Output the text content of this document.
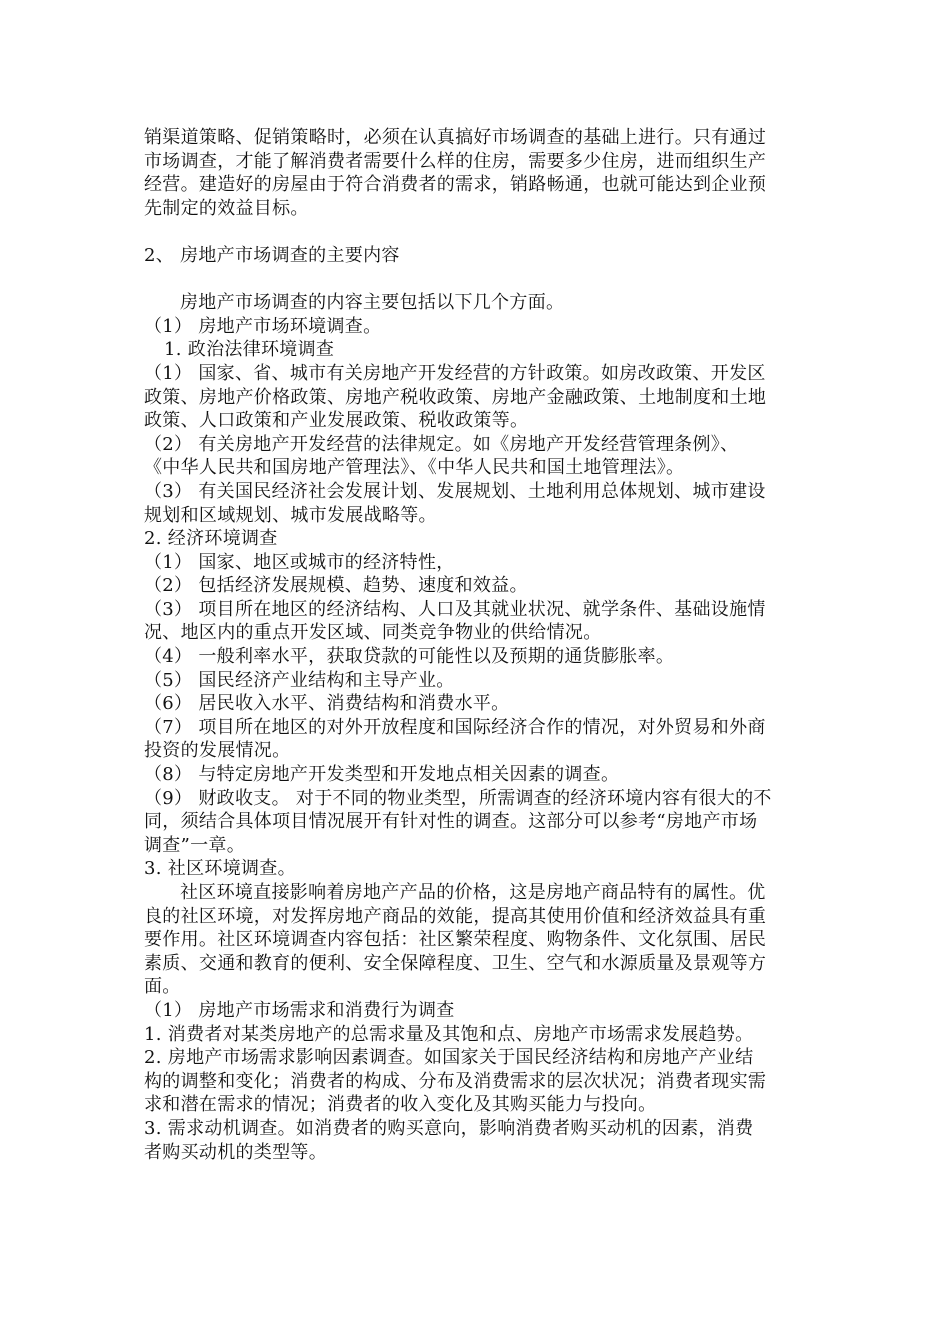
销渠道策略、促销策略时，必须在认真搞好市场调查的基础上进行。只有通过
市场调查，才能了解消费者需要什么样的住房，需要多少住房，进而组织生产
经营。建造好的房屋由于符合消费者的需求，销路畅通，也就可能达到企业预
先制定的效益目标。
2、 房地产市场调查的主要内容
房地产市场调查的内容主要包括以下几个方面。
（1） 房地产市场环境调查。
1. 政治法律环境调查
（1） 国家、省、城市有关房地产开发经营的方针政策。如房改政策、开发区
政策、房地产价格政策、房地产税收政策、房地产金融政策、土地制度和土地
政策、人口政策和产业发展政策、税收政策等。
（2） 有关房地产开发经营的法律规定。如《房地产开发经营管理条例》、
《中华人民共和国房地产管理法》、《中华人民共和国土地管理法》。
（3） 有关国民经济社会发展计划、发展规划、土地利用总体规划、城市建设
规划和区域规划、城市发展战略等。
2. 经济环境调查
（1） 国家、地区或城市的经济特性，
（2） 包括经济发展规模、趋势、速度和效益。
（3） 项目所在地区的经济结构、人口及其就业状况、就学条件、基础设施情
况、地区内的重点开发区域、同类竞争物业的供给情况。
（4） 一般利率水平，获取贷款的可能性以及预期的通货膨胀率。
（5） 国民经济产业结构和主导产业。
（6） 居民收入水平、消费结构和消费水平。
（7） 项目所在地区的对外开放程度和国际经济合作的情况，对外贸易和外商
投资的发展情况。
（8） 与特定房地产开发类型和开发地点相关因素的调查。
（9） 财政收支。 对于不同的物业类型，所需调查的经济环境内容有很大的不
同，须结合具体项目情况展开有针对性的调查。这部分可以参考“房地产市场
调查”一章。
3. 社区环境调查。
社区环境直接影响着房地产产品的价格，这是房地产商品特有的属性。优
良的社区环境，对发挥房地产商品的效能，提高其使用价值和经济效益具有重
要作用。社区环境调查内容包括：社区繁荣程度、购物条件、文化氛围、居民
素质、交通和教育的便利、安全保障程度、卫生、空气和水源质量及景观等方
面。
（1） 房地产市场需求和消费行为调查
1. 消费者对某类房地产的总需求量及其饱和点、房地产市场需求发展趋势。
2. 房地产市场需求影响因素调查。如国家关于国民经济结构和房地产产业结
构的调整和变化；消费者的构成、分布及消费需求的层次状况；消费者现实需
求和潜在需求的情况；消费者的收入变化及其购买能力与投向。
3. 需求动机调查。如消费者的购买意向，影响消费者购买动机的因素，消费
者购买动机的类型等。
